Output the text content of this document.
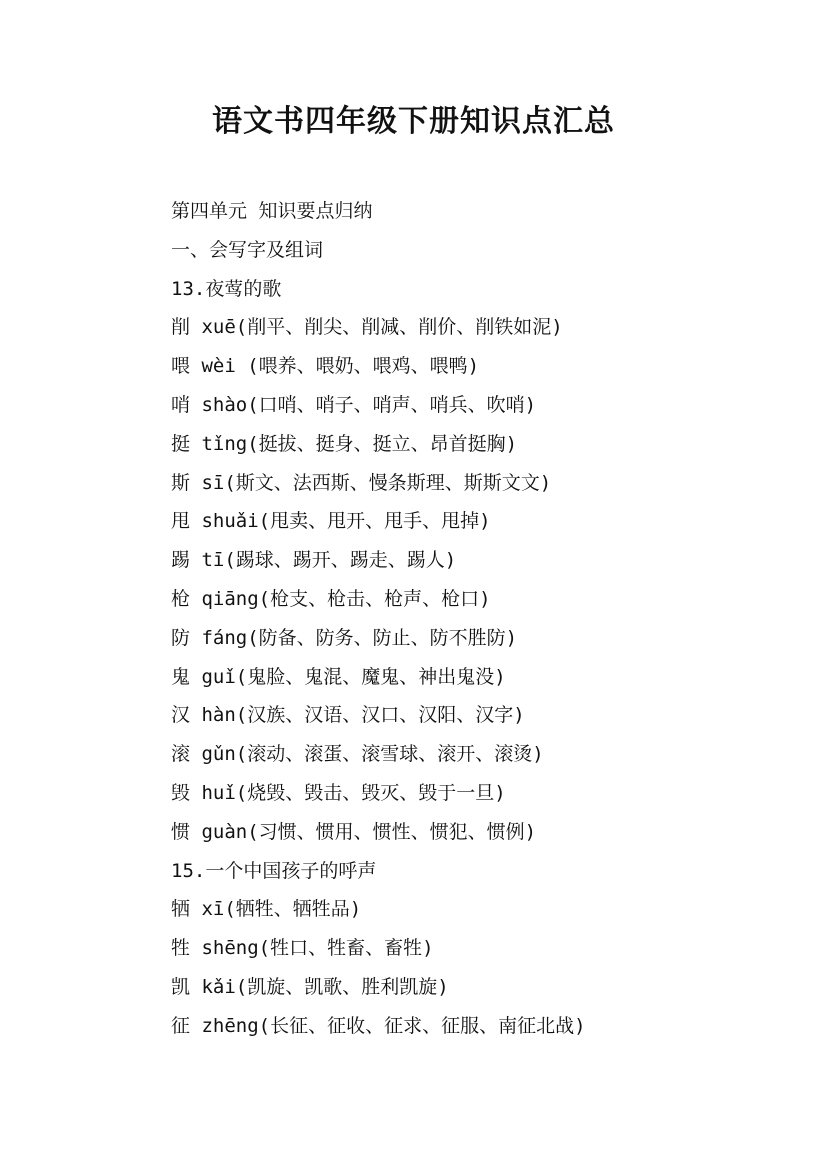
语文书四年级下册知识点汇总
第四单元 知识要点归纳
一、会写字及组词
13.夜莺的歌
削 xuē(削平、削尖、削减、削价、削铁如泥)
喂 wèi (喂养、喂奶、喂鸡、喂鸭)
哨 shào(口哨、哨子、哨声、哨兵、吹哨)
挺 tǐng(挺拔、挺身、挺立、昂首挺胸)
斯 sī(斯文、法西斯、慢条斯理、斯斯文文)
甩 shuǎi(甩卖、甩开、甩手、甩掉)
踢 tī(踢球、踢开、踢走、踢人)
枪 qiāng(枪支、枪击、枪声、枪口)
防 fáng(防备、防务、防止、防不胜防)
鬼 guǐ(鬼脸、鬼混、魔鬼、神出鬼没)
汉 hàn(汉族、汉语、汉口、汉阳、汉字)
滚 gǔn(滚动、滚蛋、滚雪球、滚开、滚烫)
毁 huǐ(烧毁、毁击、毁灭、毁于一旦)
惯 guàn(习惯、惯用、惯性、惯犯、惯例)
15.一个中国孩子的呼声
牺 xī(牺牲、牺牲品)
牲 shēng(牲口、牲畜、畜牲)
凯 kǎi(凯旋、凯歌、胜利凯旋)
征 zhēng(长征、征收、征求、征服、南征北战)
